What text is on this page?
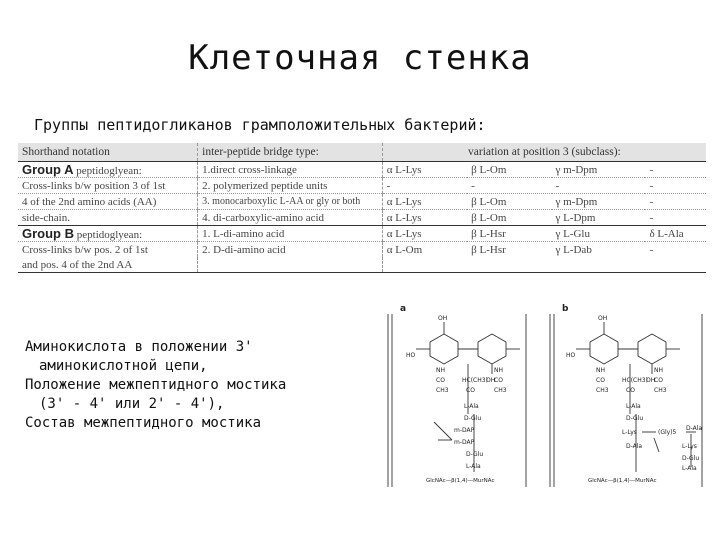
Клеточная стенка
Группы пептидогликанов грамположительных бактерий:
Shorthand notation	inter-peptide bridge type:	variation at position 3 (subclass):			
Group A peptidoglyean:	1.direct cross-linkage	α L-Lys	β L-Om	γ m-Dpm	-
Cross-links b/w position 3 of 1st	2. polymerized peptide units	-	-	-	-
4 of the 2nd amino acids (AA)	3. monocarboxylic L-AA or gly or both	α L-Lys	β L-Om	γ m-Dpm	-
side-chain.	4. di-carboxylic-amino acid	α L-Lys	β L-Om	γ L-Dpm	-
Group B peptidoglyean:	1. L-di-amino acid	α L-Lys	β L-Hsr	γ L-Glu	δ L-Ala
Cross-links b/w pos. 2 of 1st	2. D-di-amino acid	α L-Om	β L-Hsr	γ L-Dab	-
and pos. 4 of the 2nd AA					
Аминокислота в положении 3'
аминокислотной цепи,
Положение межпептидного мостика
(3' - 4' или 2' - 4'),
Состав межпептидного мостика
a	b
OH
HO
OH
NH
CO
CH3
HC(CH3)
CO
NH
CO
CH3
L-Ala
D-Glu
m-DAP
m-DAP
D-Glu
L-Ala
GlcNAc—β(1,4)—MurNAc
OH
HO
OH
NH
CO
CH3
HC(CH3)
CO
NH
CO
CH3
L-Ala
D-Glu
L-Lys	(Gly)5
D-Ala
D-Ala	L-Lys
D-Glu
L-Ala
GlcNAc—β(1,4)—MurNAc
